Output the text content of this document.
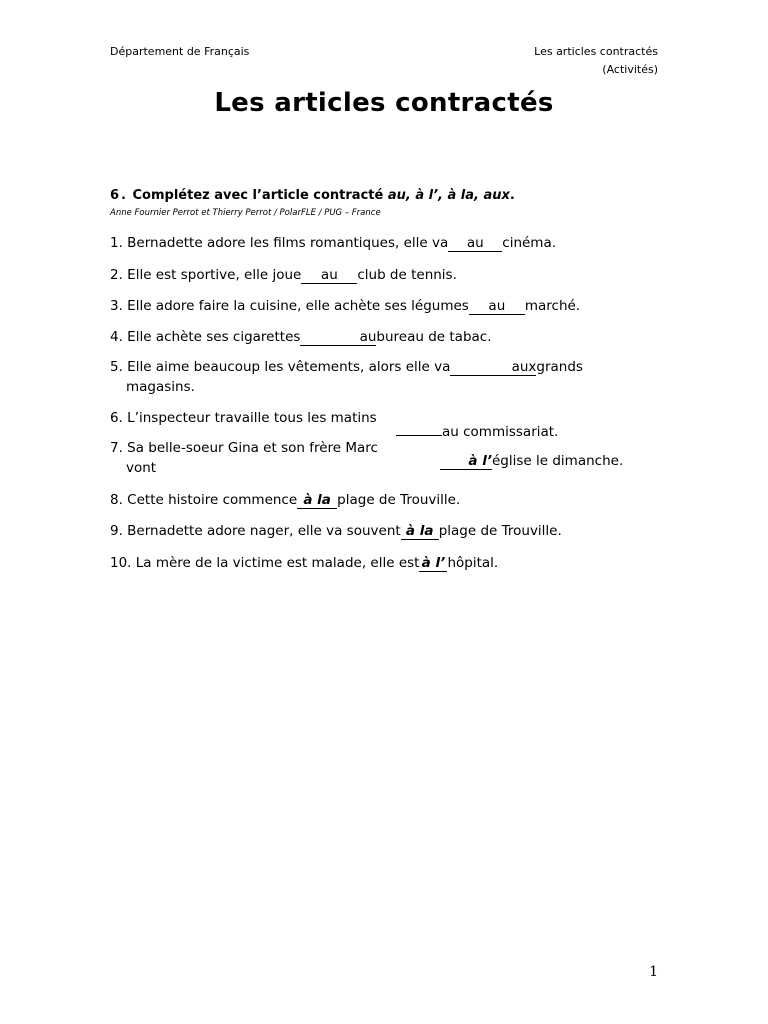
Département de Français	Les articles contractés
(Activités)
Les articles contractés
6. Complétez avec l’article contracté au, à l’, à la, aux.
Anne Fournier Perrot et Thierry Perrot / PolarFLE / PUG – France
1. Bernadette adore les films romantiques, elle va au cinéma.
2. Elle est sportive, elle joue au club de tennis.
3. Elle adore faire la cuisine, elle achète ses légumes au marché.
4. Elle achète ses cigarettes	aubureau de tabac.
5. Elle aime beaucoup les vêtements, alors elle va	auxgrands
magasins.
6. L’inspecteur travaille tous les matins
au commissariat.
7. Sa belle-soeur Gina et son frère Marc
vont	à l’église le dimanche.
8. Cette histoire commence à la plage de Trouville.
9. Bernadette adore nager, elle va souvent à la plage de Trouville.
10. La mère de la victime est malade, elle est à l’ hôpital.
1
